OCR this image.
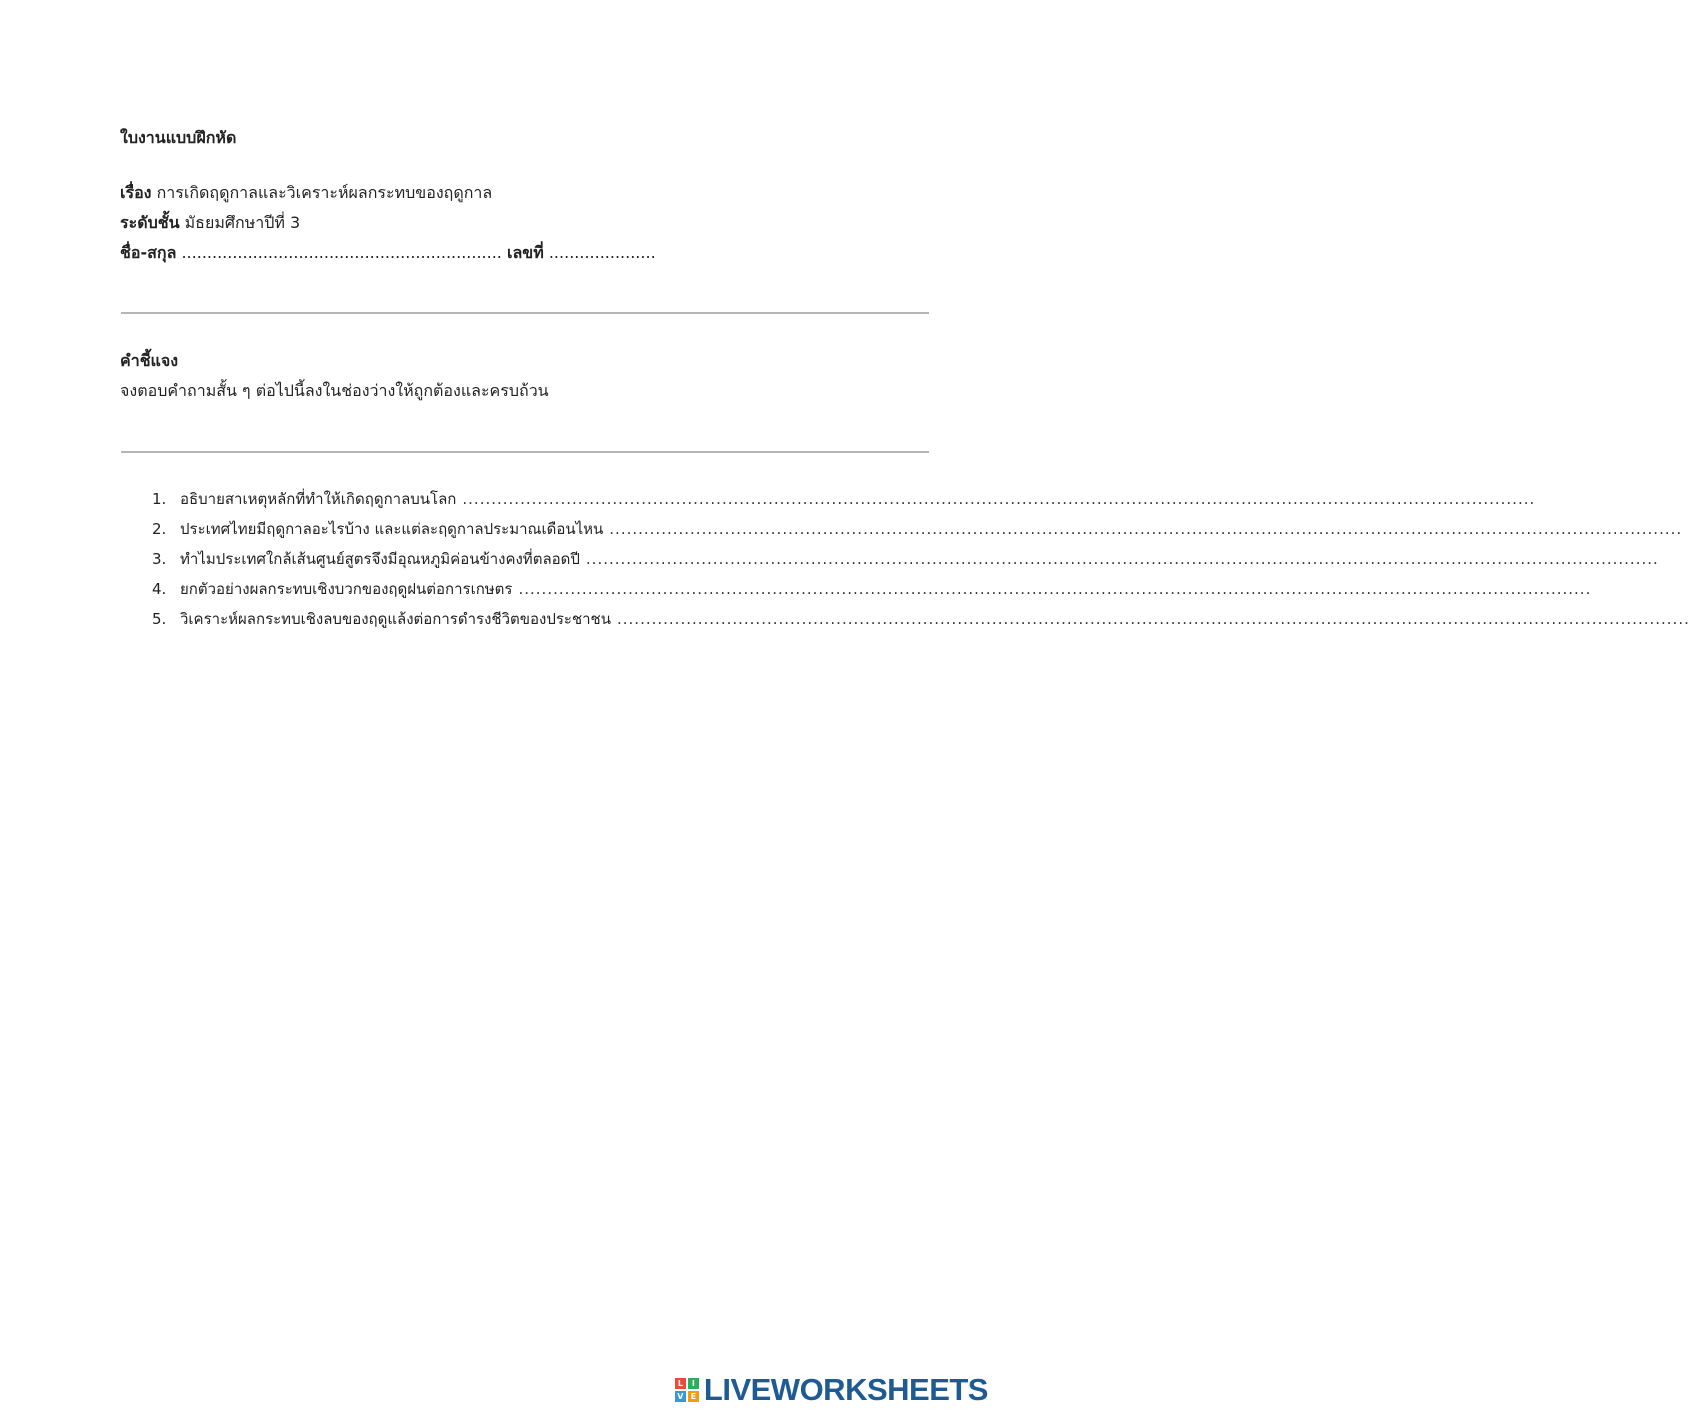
ใบงานแบบฝึกหัด
เรื่อง การเกิดฤดูกาลและวิเคราะห์ผลกระทบของฤดูกาล
ระดับชั้น มัธยมศึกษาปีที่ 3
ชื่อ-สกุล ............................................................... เลขที่ .....................
คำชี้แจง
จงตอบคำถามสั้น ๆ ต่อไปนี้ลงในช่องว่างให้ถูกต้องและครบถ้วน
1. อธิบายสาเหตุหลักที่ทำให้เกิดฤดูกาลบนโลก ..........................................................................................................................................................................................
2. ประเทศไทยมีฤดูกาลอะไรบ้าง และแต่ละฤดูกาลประมาณเดือนไหน ..........................................................................................................................................................................................
3. ทำไมประเทศใกล้เส้นศูนย์สูตรจึงมีอุณหภูมิค่อนข้างคงที่ตลอดปี ..........................................................................................................................................................................................
4. ยกตัวอย่างผลกระทบเชิงบวกของฤดูฝนต่อการเกษตร ..........................................................................................................................................................................................
5. วิเคราะห์ผลกระทบเชิงลบของฤดูแล้งต่อการดำรงชีวิตของประชาชน ..........................................................................................................................................................................................
L	I
V E LIVEWORKSHEETS
